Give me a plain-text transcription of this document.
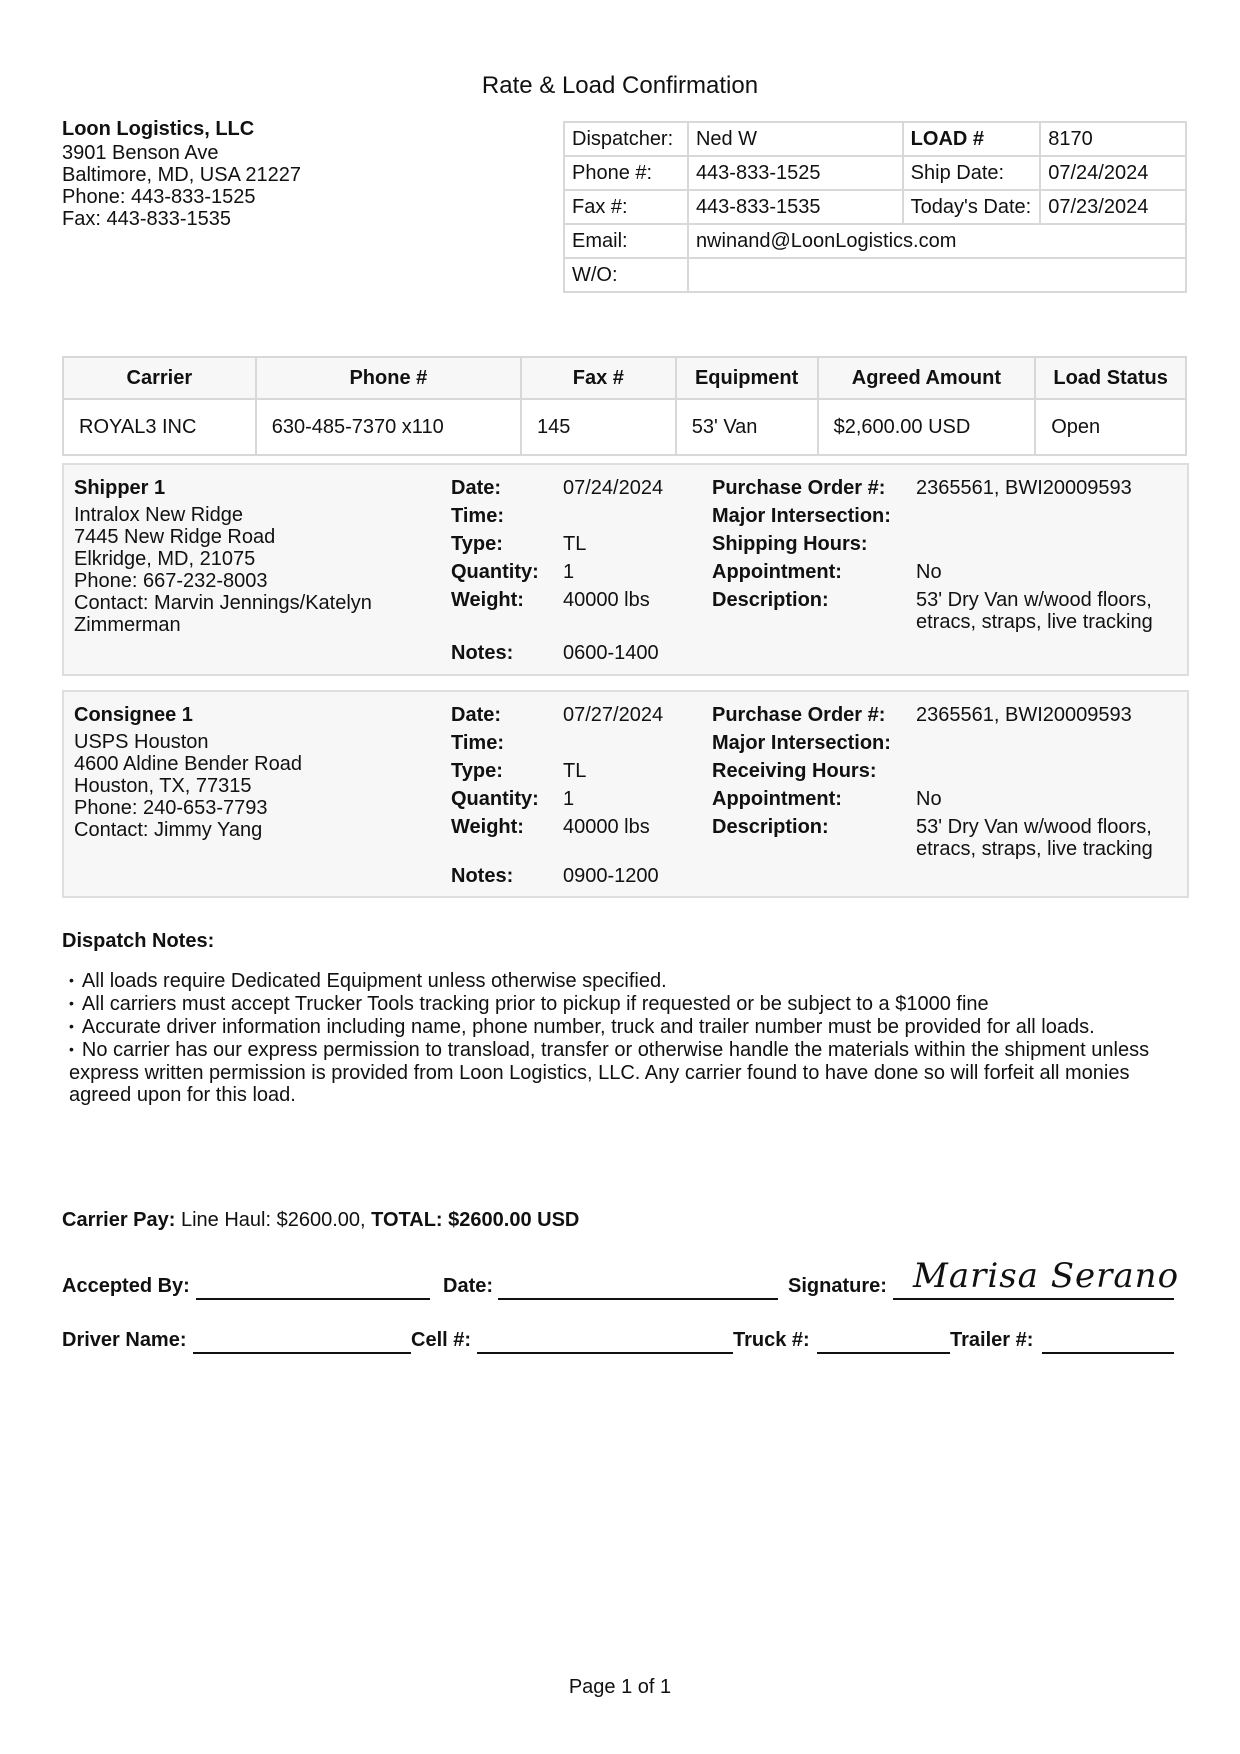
Rate & Load Confirmation
Loon Logistics, LLC
3901 Benson Ave
Baltimore, MD, USA 21227
Phone: 443-833-1525
Fax: 443-833-1535
Dispatcher:	Ned W	LOAD #	8170
Phone #:	443-833-1525	Ship Date:	07/24/2024
Fax #:	443-833-1535	Today's Date:	07/23/2024
Email:	nwinand@LoonLogistics.com		
W/O:			
Carrier	Phone #	Fax #	Equipment	Agreed Amount	Load Status
ROYAL3 INC	630-485-7370 x110	145	53' Van	$2,600.00 USD	Open
Shipper 1
Intralox New Ridge
7445 New Ridge Road
Elkridge, MD, 21075
Phone: 667-232-8003
Contact: Marvin Jennings/Katelyn Zimmerman
Date:	07/24/2024
Time:
Type:	TL
Quantity: 1
Weight: 40000 lbs
Notes: 0600-1400
Purchase Order #: 2365561, BWI20009593
Major Intersection:
Shipping Hours:
Appointment:	No
Description:	53' Dry Van w/wood floors, etracs, straps, live tracking
Consignee 1
USPS Houston
4600 Aldine Bender Road
Houston, TX, 77315
Phone: 240-653-7793
Contact: Jimmy Yang
Date:	07/27/2024
Time:
Type:	TL
Quantity: 1
Weight: 40000 lbs
Notes: 0900-1200
Purchase Order #: 2365561, BWI20009593
Major Intersection:
Receiving Hours:
Appointment:	No
Description:	53' Dry Van w/wood floors, etracs, straps, live tracking
Dispatch Notes:
• All loads require Dedicated Equipment unless otherwise specified.
• All carriers must accept Trucker Tools tracking prior to pickup if requested or be subject to a $1000 fine
• Accurate driver information including name, phone number, truck and trailer number must be provided for all loads.
• No carrier has our express permission to transload, transfer or otherwise handle the materials within the shipment unless express written permission is provided from Loon Logistics, LLC. Any carrier found to have done so will forfeit all monies agreed upon for this load.
Carrier Pay: Line Haul: $2600.00, TOTAL: $2600.00 USD
Accepted By:	Date:	Signature: Marisa Serano
Driver Name:	Cell #:	Truck #:	Trailer #:
Page 1 of 1
